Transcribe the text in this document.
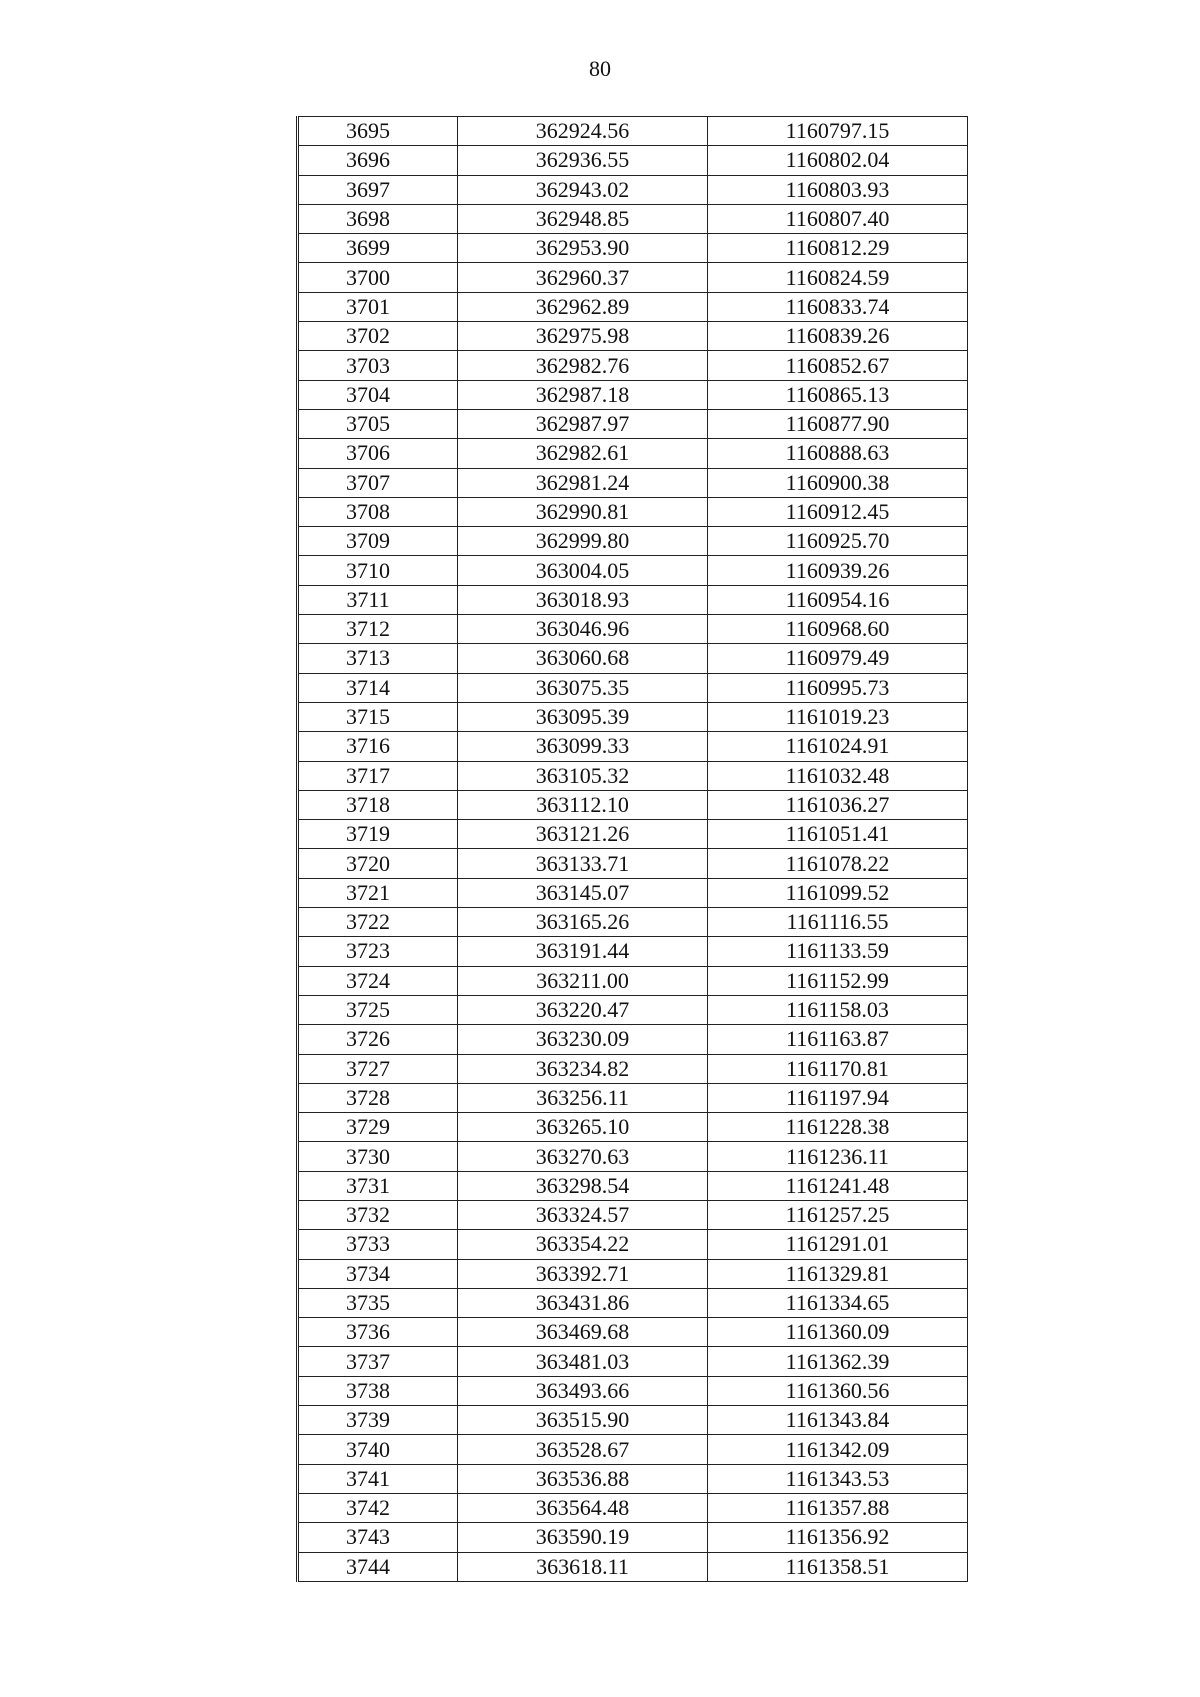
80
3695	362924.56	1160797.15
3696	362936.55	1160802.04
3697	362943.02	1160803.93
3698	362948.85	1160807.40
3699	362953.90	1160812.29
3700	362960.37	1160824.59
3701	362962.89	1160833.74
3702	362975.98	1160839.26
3703	362982.76	1160852.67
3704	362987.18	1160865.13
3705	362987.97	1160877.90
3706	362982.61	1160888.63
3707	362981.24	1160900.38
3708	362990.81	1160912.45
3709	362999.80	1160925.70
3710	363004.05	1160939.26
3711	363018.93	1160954.16
3712	363046.96	1160968.60
3713	363060.68	1160979.49
3714	363075.35	1160995.73
3715	363095.39	1161019.23
3716	363099.33	1161024.91
3717	363105.32	1161032.48
3718	363112.10	1161036.27
3719	363121.26	1161051.41
3720	363133.71	1161078.22
3721	363145.07	1161099.52
3722	363165.26	1161116.55
3723	363191.44	1161133.59
3724	363211.00	1161152.99
3725	363220.47	1161158.03
3726	363230.09	1161163.87
3727	363234.82	1161170.81
3728	363256.11	1161197.94
3729	363265.10	1161228.38
3730	363270.63	1161236.11
3731	363298.54	1161241.48
3732	363324.57	1161257.25
3733	363354.22	1161291.01
3734	363392.71	1161329.81
3735	363431.86	1161334.65
3736	363469.68	1161360.09
3737	363481.03	1161362.39
3738	363493.66	1161360.56
3739	363515.90	1161343.84
3740	363528.67	1161342.09
3741	363536.88	1161343.53
3742	363564.48	1161357.88
3743	363590.19	1161356.92
3744	363618.11	1161358.51
